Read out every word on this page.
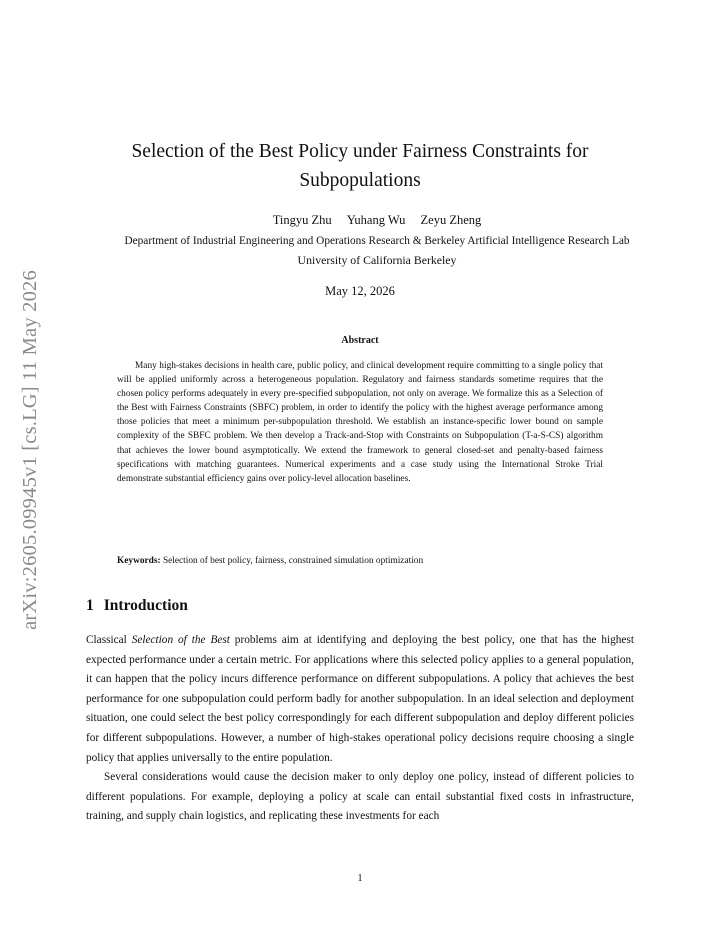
arXiv:2605.09945v1 [cs.LG] 11 May 2026
Selection of the Best Policy under Fairness Constraints for Subpopulations
Tingyu Zhu Yuhang Wu Zeyu Zheng
Department of Industrial Engineering and Operations Research & Berkeley Artificial Intelligence Research Lab
University of California Berkeley
May 12, 2026
Abstract

Many high-stakes decisions in health care, public policy, and clinical development require committing to a single policy that will be applied uniformly across a heterogeneous population. Regulatory and fairness standards sometime requires that the chosen policy performs adequately in every pre-specified subpopulation, not only on average. We formalize this as a Selection of the Best with Fairness Constraints (SBFC) problem, in order to identify the policy with the highest average performance among those policies that meet a minimum per-subpopulation threshold. We establish an instance-specific lower bound on sample complexity of the SBFC problem. We then develop a Track-and-Stop with Constraints on Subpopulation (T-a-S-CS) algorithm that achieves the lower bound asymptotically. We extend the framework to general closed-set and penalty-based fairness specifications with matching guarantees. Numerical experiments and a case study using the International Stroke Trial demonstrate substantial efficiency gains over policy-level allocation baselines.

Keywords: Selection of best policy, fairness, constrained simulation optimization
1 Introduction

Classical Selection of the Best problems aim at identifying and deploying the best policy, one that has the highest expected performance under a certain metric. For applications where this selected policy applies to a general population, it can happen that the policy incurs difference performance on different subpopulations. A policy that achieves the best performance for one subpopulation could perform badly for another subpopulation. In an ideal selection and deployment situation, one could select the best policy correspondingly for each different subpopulation and deploy different policies for different subpopulations. However, a number of high-stakes operational policy decisions require choosing a single policy that applies universally to the entire population.

Several considerations would cause the decision maker to only deploy one policy, instead of different policies to different populations. For example, deploying a policy at scale can entail substantial fixed costs in infrastructure, training, and supply chain logistics, and replicating these investments for each

1
